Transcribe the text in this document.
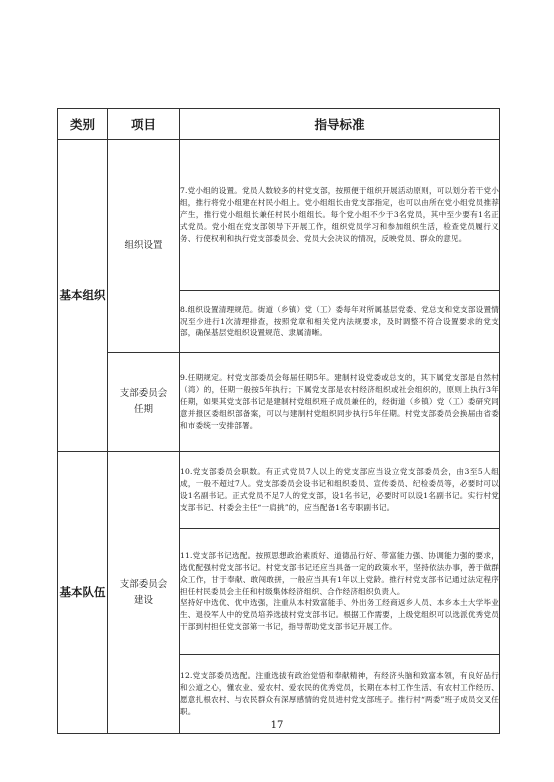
类别	项目	指导标准
基本组织	组织设置	7.党小组的设置。党员人数较多的村党支部，按照便于组织开展活动原则，可以划分若干党小组，推行将党小组建在村民小组上。党小组组长由党支部指定，也可以由所在党小组党员推荐产生，推行党小组组长兼任村民小组组长。每个党小组不少于3名党员，其中至少要有1名正式党员。党小组在党支部领导下开展工作，组织党员学习和参加组织生活，检查党员履行义务、行使权利和执行党支部委员会、党员大会决议的情况，反映党员、群众的意见。

		8.组织设置清理规范。街道（乡镇）党（工）委每年对所属基层党委、党总支和党支部设置情况至少进行1次清理排查，按照党章和相关党内法规要求，及时调整不符合设置要求的党支部，确保基层党组织设置规范、隶属清晰。

	支部委员会任期	9.任期规定。村党支部委员会每届任期5年。建制村设党委或总支的，其下属党支部是自然村（湾）的，任期一般按5年执行；下属党支部是农村经济组织或社会组织的，原则上执行3年任期，如果其党支部书记是建制村党组织班子成员兼任的，经街道（乡镇）党（工）委研究同意并报区委组织部备案，可以与建制村党组织同步执行5年任期。村党支部委员会换届由省委和市委统一安排部署。

基本队伍	支部委员会建设	10.党支部委员会职数。有正式党员7人以上的党支部应当设立党支部委员会，由3至5人组成，一般不超过7人。党支部委员会设书记和组织委员、宣传委员、纪检委员等，必要时可以设1名副书记。正式党员不足7人的党支部，设1名书记，必要时可以设1名副书记。实行村党支部书记、村委会主任“一肩挑”的，应当配备1名专职副书记。

		11.党支部书记选配。按照思想政治素质好、道德品行好、带富能力强、协调能力强的要求，选优配强村党支部书记。村党支部书记还应当具备一定的政策水平，坚持依法办事，善于做群众工作，甘于奉献、敢闯敢拼，一般应当具有1年以上党龄。推行村党支部书记通过法定程序担任村民委员会主任和村级集体经济组织、合作经济组织负责人。

坚持好中选优、优中选强，注重从本村致富能手、外出务工经商返乡人员、本乡本土大学毕业生、退役军人中的党员培养选拔村党支部书记。根据工作需要，上级党组织可以选派优秀党员干部到村担任党支部第一书记，指导帮助党支部书记开展工作。

		12.党支部委员选配。注重选拔有政治觉悟和奉献精神，有经济头脑和致富本领，有良好品行和公道之心，懂农业、爱农村、爱农民的优秀党员，长期在本村工作生活、有农村工作经历、愿意扎根农村、与农民群众有深厚感情的党员进村党支部班子。推行村“两委”班子成员交叉任职。

17
